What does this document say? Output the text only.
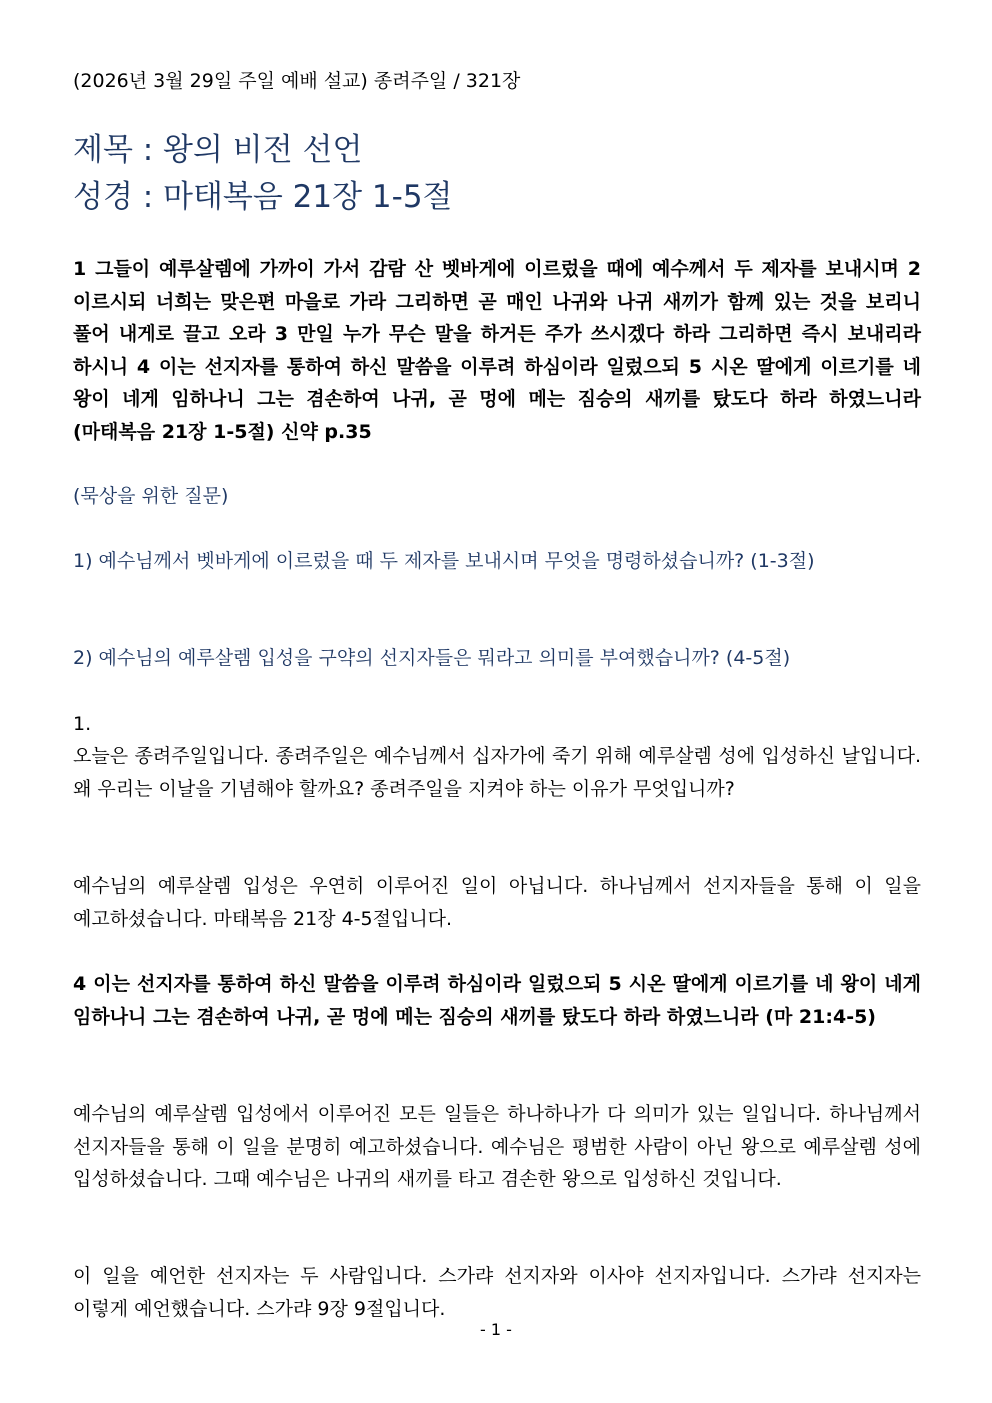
(2026년 3월 29일 주일 예배 설교) 종려주일 / 321장
제목 : 왕의 비전 선언
성경 : 마태복음 21장 1-5절
1 그들이 예루살렘에 가까이 가서 감람 산 벳바게에 이르렀을 때에 예수께서 두 제자를 보내시며 2 이르시되 너희는 맞은편 마을로 가라 그리하면 곧 매인 나귀와 나귀 새끼가 함께 있는 것을 보리니 풀어 내게로 끌고 오라 3 만일 누가 무슨 말을 하거든 주가 쓰시겠다 하라 그리하면 즉시 보내리라 하시니 4 이는 선지자를 통하여 하신 말씀을 이루려 하심이라 일렀으되 5 시온 딸에게 이르기를 네 왕이 네게 임하나니 그는 겸손하여 나귀, 곧 멍에 메는 짐승의 새끼를 탔도다 하라 하였느니라 (마태복음 21장 1-5절) 신약 p.35
(묵상을 위한 질문)
1) 예수님께서 벳바게에 이르렀을 때 두 제자를 보내시며 무엇을 명령하셨습니까? (1-3절)
2) 예수님의 예루살렘 입성을 구약의 선지자들은 뭐라고 의미를 부여했습니까? (4-5절)
1.
오늘은 종려주일입니다. 종려주일은 예수님께서 십자가에 죽기 위해 예루살렘 성에 입성하신 날입니다. 왜 우리는 이날을 기념해야 할까요? 종려주일을 지켜야 하는 이유가 무엇입니까?
예수님의 예루살렘 입성은 우연히 이루어진 일이 아닙니다. 하나님께서 선지자들을 통해 이 일을 예고하셨습니다. 마태복음 21장 4-5절입니다.
4 이는 선지자를 통하여 하신 말씀을 이루려 하심이라 일렀으되 5 시온 딸에게 이르기를 네 왕이 네게 임하나니 그는 겸손하여 나귀, 곧 멍에 메는 짐승의 새끼를 탔도다 하라 하였느니라 (마 21:4-5)
예수님의 예루살렘 입성에서 이루어진 모든 일들은 하나하나가 다 의미가 있는 일입니다. 하나님께서 선지자들을 통해 이 일을 분명히 예고하셨습니다. 예수님은 평범한 사람이 아닌 왕으로 예루살렘 성에 입성하셨습니다. 그때 예수님은 나귀의 새끼를 타고 겸손한 왕으로 입성하신 것입니다.
이 일을 예언한 선지자는 두 사람입니다. 스가랴 선지자와 이사야 선지자입니다. 스가랴 선지자는 이렇게 예언했습니다. 스가랴 9장 9절입니다.
- 1 -
